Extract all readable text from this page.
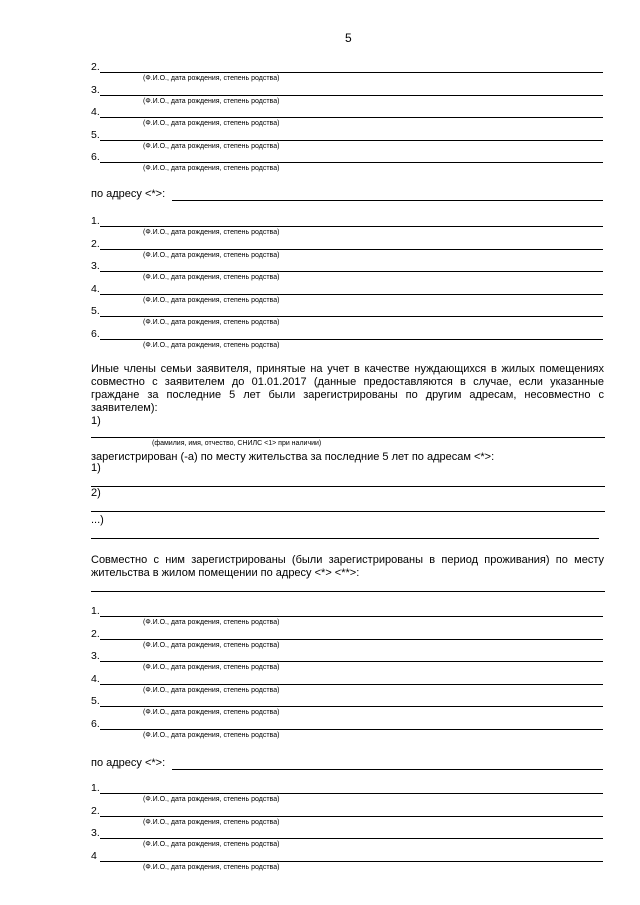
5
2.
(Ф.И.О., дата рождения, степень родства)
3.
(Ф.И.О., дата рождения, степень родства)
4.
(Ф.И.О., дата рождения, степень родства)
5.
(Ф.И.О., дата рождения, степень родства)
6.
(Ф.И.О., дата рождения, степень родства)
по адресу <*>:
1.
(Ф.И.О., дата рождения, степень родства)
2.
(Ф.И.О., дата рождения, степень родства)
3.
(Ф.И.О., дата рождения, степень родства)
4.
(Ф.И.О., дата рождения, степень родства)
5.
(Ф.И.О., дата рождения, степень родства)
6.
(Ф.И.О., дата рождения, степень родства)
Иные члены семьи заявителя, принятые на учет в качестве нуждающихся в жилых помещениях совместно с заявителем до 01.01.2017 (данные предоставляются в случае, если указанные граждане за последние 5 лет были зарегистрированы по другим адресам, несовместно с заявителем):
1)
(фамилия, имя, отчество, СНИЛС <1> при наличии)
зарегистрирован (-а) по месту жительства за последние 5 лет по адресам <*>:
1)
2)
...)
Совместно с ним зарегистрированы (были зарегистрированы в период проживания) по месту жительства в жилом помещении по адресу <*> <**>:
1.
(Ф.И.О., дата рождения, степень родства)
2.
(Ф.И.О., дата рождения, степень родства)
3.
(Ф.И.О., дата рождения, степень родства)
4.
(Ф.И.О., дата рождения, степень родства)
5.
(Ф.И.О., дата рождения, степень родства)
6.
(Ф.И.О., дата рождения, степень родства)
по адресу <*>:
1.
(Ф.И.О., дата рождения, степень родства)
2.
(Ф.И.О., дата рождения, степень родства)
3.
(Ф.И.О., дата рождения, степень родства)
4
(Ф.И.О., дата рождения, степень родства)
